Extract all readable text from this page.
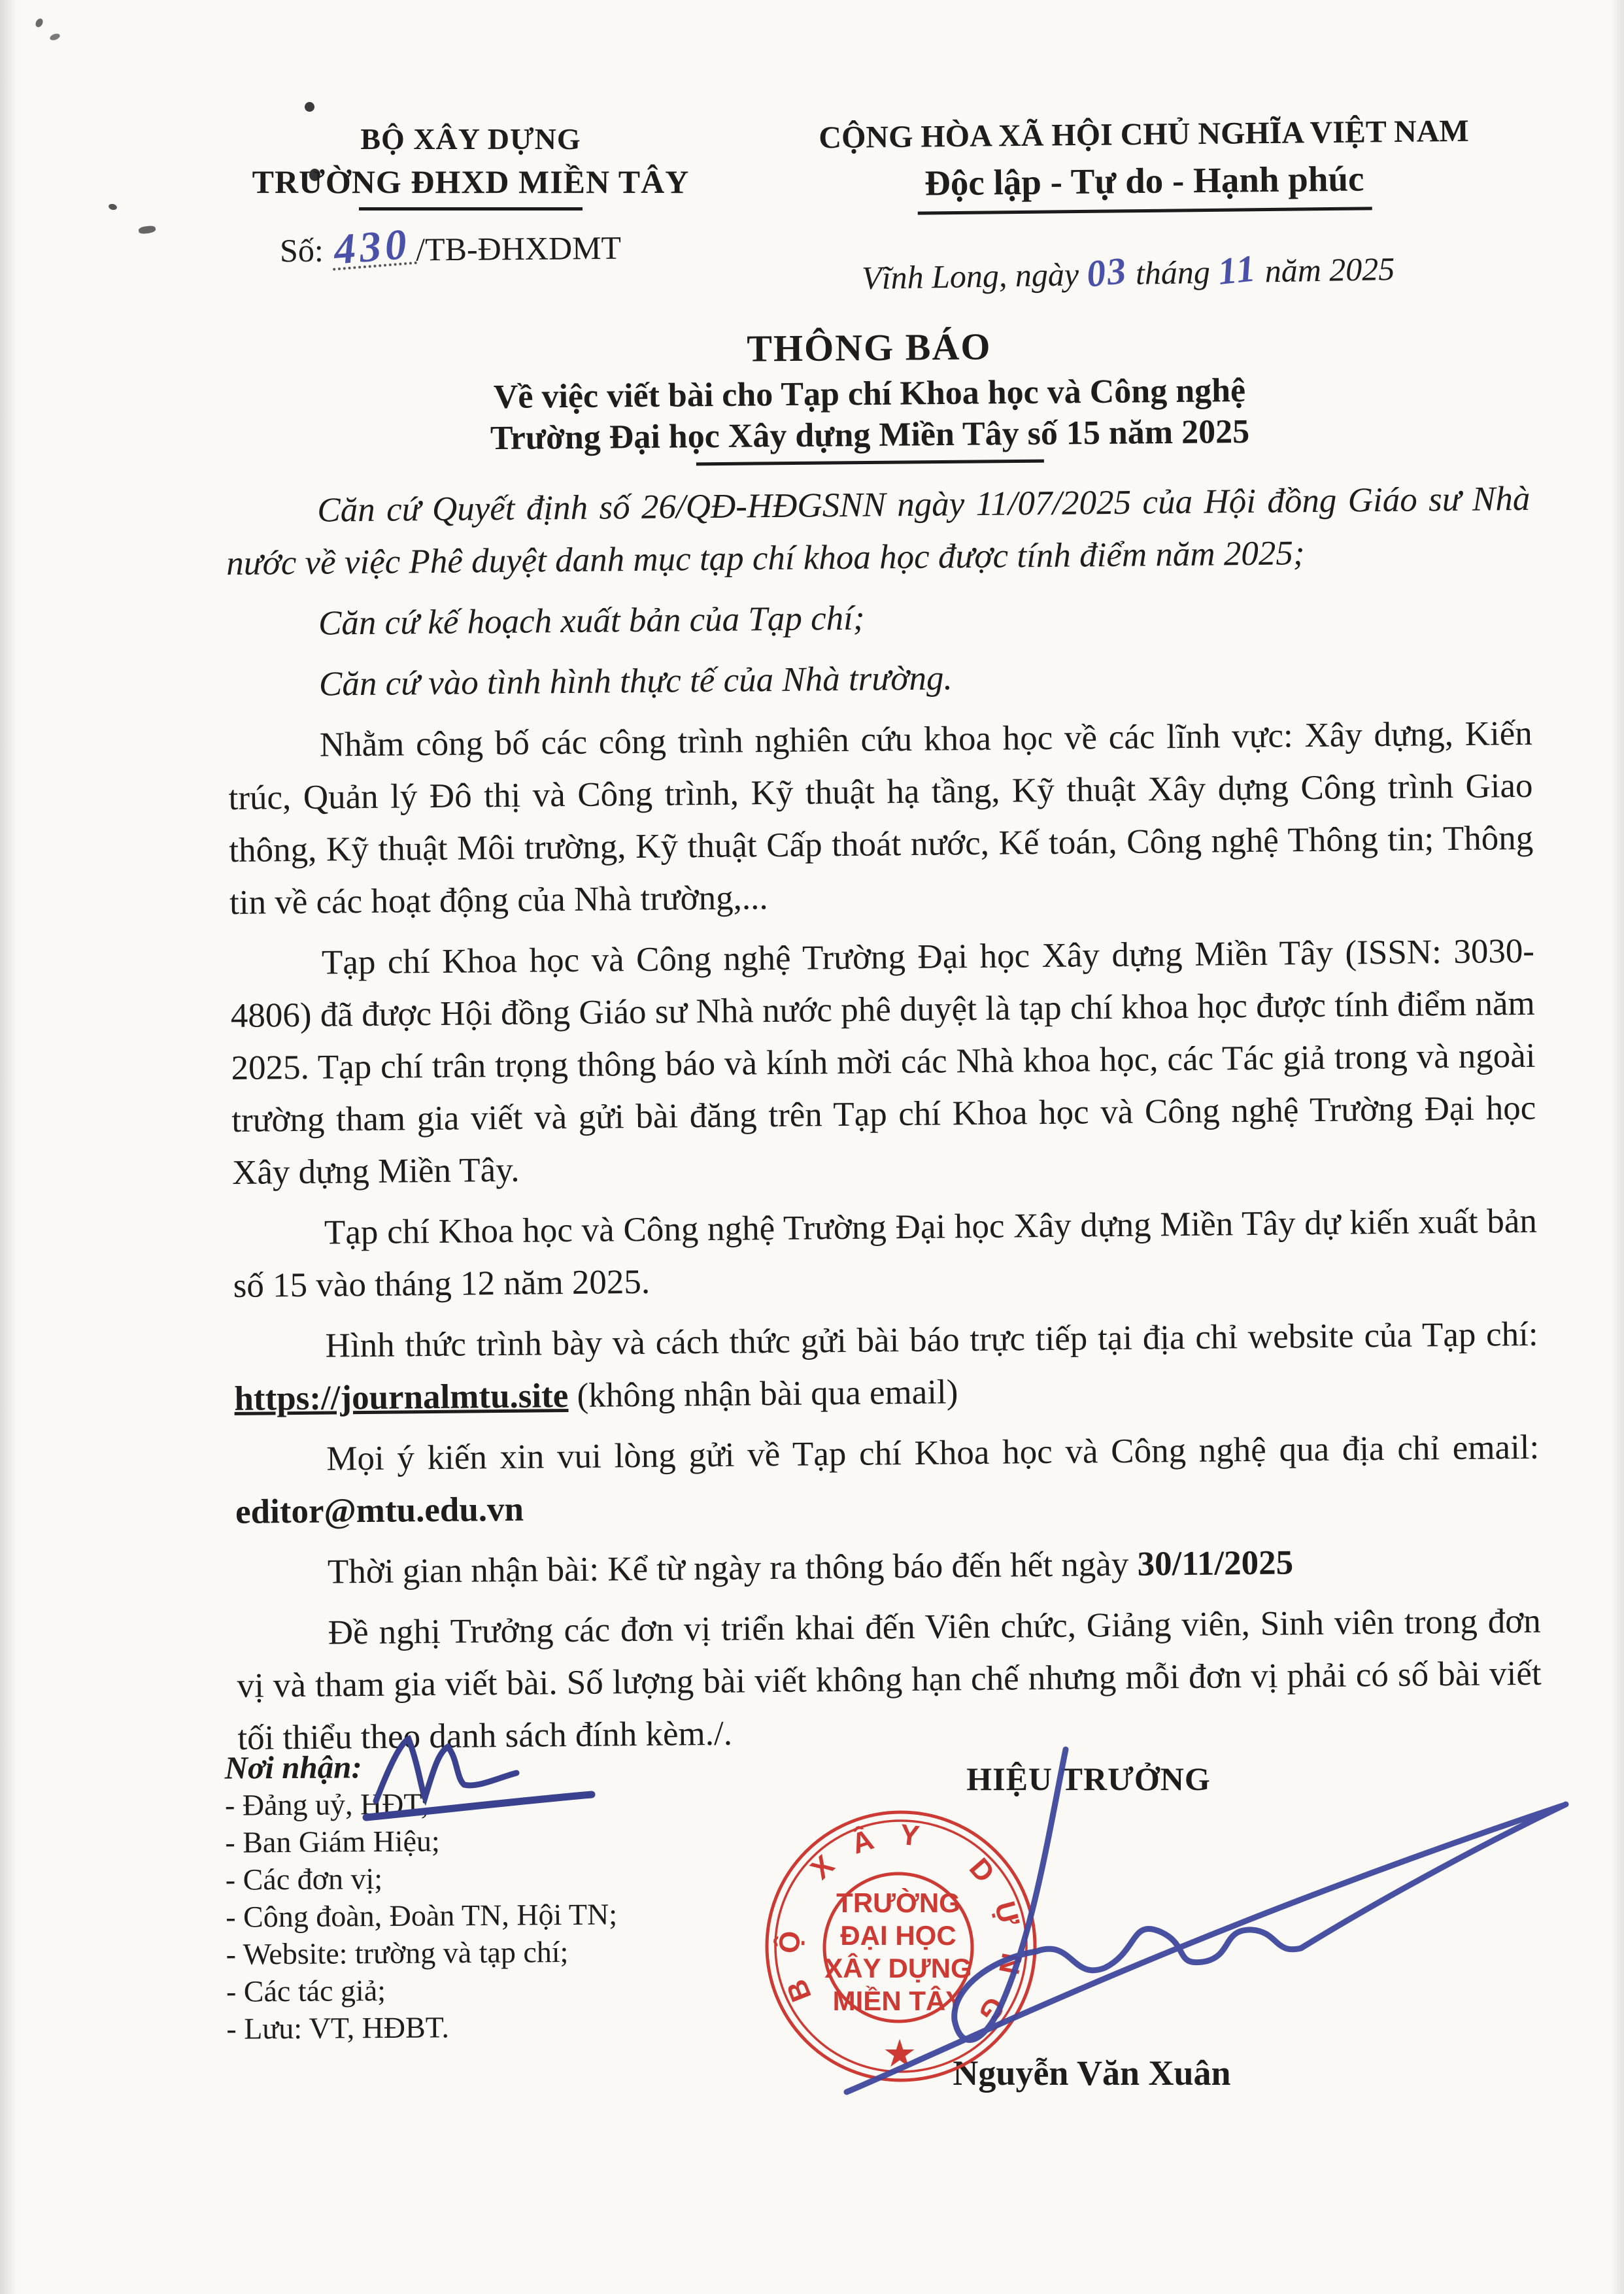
BỘ XÂY DỰNG
TRƯỜNG ĐHXD MIỀN TÂY
CỘNG HÒA XÃ HỘI CHỦ NGHĨA VIỆT NAM
Độc lập - Tự do - Hạnh phúc
Số: 430 /TB-ĐHXDMT
Vĩnh Long, ngày 03 tháng 11 năm 2025
THÔNG BÁO
Về việc viết bài cho Tạp chí Khoa học và Công nghệ
Trường Đại học Xây dựng Miền Tây số 15 năm 2025

Căn cứ Quyết định số 26/QĐ-HĐGSNN ngày 11/07/2025 của Hội đồng Giáo sư Nhà nước về việc Phê duyệt danh mục tạp chí khoa học được tính điểm năm 2025;

Căn cứ kế hoạch xuất bản của Tạp chí;

Căn cứ vào tình hình thực tế của Nhà trường.

Nhằm công bố các công trình nghiên cứu khoa học về các lĩnh vực: Xây dựng, Kiến trúc, Quản lý Đô thị và Công trình, Kỹ thuật hạ tầng, Kỹ thuật Xây dựng Công trình Giao thông, Kỹ thuật Môi trường, Kỹ thuật Cấp thoát nước, Kế toán, Công nghệ Thông tin; Thông tin về các hoạt động của Nhà trường,...

Tạp chí Khoa học và Công nghệ Trường Đại học Xây dựng Miền Tây (ISSN: 3030-4806) đã được Hội đồng Giáo sư Nhà nước phê duyệt là tạp chí khoa học được tính điểm năm 2025. Tạp chí trân trọng thông báo và kính mời các Nhà khoa học, các Tác giả trong và ngoài trường tham gia viết và gửi bài đăng trên Tạp chí Khoa học và Công nghệ Trường Đại học Xây dựng Miền Tây.

Tạp chí Khoa học và Công nghệ Trường Đại học Xây dựng Miền Tây dự kiến xuất bản số 15 vào tháng 12 năm 2025.

Hình thức trình bày và cách thức gửi bài báo trực tiếp tại địa chỉ website của Tạp chí: https://journalmtu.site (không nhận bài qua email)

Mọi ý kiến xin vui lòng gửi về Tạp chí Khoa học và Công nghệ qua địa chỉ email: editor@mtu.edu.vn

Thời gian nhận bài: Kể từ ngày ra thông báo đến hết ngày 30/11/2025

Đề nghị Trưởng các đơn vị triển khai đến Viên chức, Giảng viên, Sinh viên trong đơn vị và tham gia viết bài. Số lượng bài viết không hạn chế nhưng mỗi đơn vị phải có số bài viết tối thiểu theo danh sách đính kèm./.

Nơi nhận:
- Đảng uỷ, HĐT;
- Ban Giám Hiệu;
- Các đơn vị;
- Công đoàn, Đoàn TN, Hội TN;
- Website: trường và tạp chí;
- Các tác giả;
- Lưu: VT, HĐBT.
HIỆU TRƯỞNG
Nguyễn Văn Xuân
BỘ XÂY DỰNG
TRƯỜNG
ĐẠI HỌC
XÂY DỰNG
MIỀN TÂY
★
